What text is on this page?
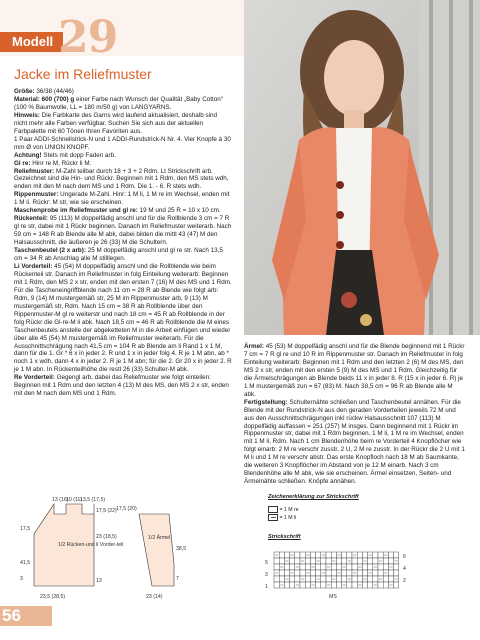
Modell 29
Jacke im Reliefmuster

Größe: 36/38 (44/46)

Material: 600 (700) g einer Farbe nach Wunsch der Qualität „Baby Cotton“ (100 % Baumwolle, LL = 180 m/50 g) von LANGYARNS.

Hinweis: Die Farbkarte des Garns wird laufend aktualisiert, deshalb sind nicht mehr alle Farben verfügbar. Suchen Sie sich aus der aktuellen Farbpalette mit 60 Tönen Ihren Favoriten aus.

1 Paar ADDI-Schnellstrick-N und 1 ADDI-Rundstrick-N Nr. 4. Vier Knopfe à 30 mm Ø von UNION KNOPF.

Achtung! Stets mit dopp Faden arb.

Gl re: Hinr re M, Rückr li M.

Reliefmuster: M-Zahl teilbar durch 18 + 3 + 2 Rdm. Lt Strickschrift arb. Gezeichnet sind die Hin- und Rückr. Beginnen mit 1 Rdm, den MS stets wdh, enden mit den M nach dem MS und 1 Rdm. Die 1. - 6. R stets wdh.

Rippenmuster: Ungerade M-Zahl. Hinr: 1 M li, 1 M re im Wechsel, enden mit 1 M li. Rückr: M str, wie sie erscheinen.

Maschenprobe im Reliefmuster und gl re: 19 M und 25 R = 10 x 10 cm.

Rückenteil: 95 (113) M doppelfädig anschl und für die Rollblende 3 cm = 7 R gl re str, dabei mit 1 Rückr beginnen. Danach im Reliefmuster weiterarb. Nach 59 cm = 148 R ab Blende alle M abk, dabei bilden die mittl 43 (47) M den Halsausschnitt, die äußeren je 26 (33) M die Schultern.

Taschenbeutel (2 x arb): 25 M doppelfädig anschl und gl re str. Nach 13,5 cm = 34 R ab Anschlag alle M stilllegen.

Li Vorderteil: 45 (54) M doppelfädig anschl und die Rollblende wie beim Rückenteil str. Danach im Reliefmuster in folg Einteilung weiterarb: Beginnen mit 1 Rdm, den MS 2 x str, enden mit den ersten 7 (16) M des MS und 1 Rdm. Für die Tascheneingriffblende nach 11 cm = 28 R ab Blende wie folgt arb: Rdm, 9 (14) M mustergemäß str, 25 M im Rippenmuster arb, 9 (13) M mustergemäß str, Rdm. Nach 15 cm = 38 R ab Rollblende über den Rippenmuster-M gl re weiterstr und nach 18 cm = 45 R ab Rollblende in der folg Rückr die Gl-re-M li abk. Nach 18,5 cm = 46 R ab Rollblende die M eines Taschenbeutels anstelle der abgeketteten M in die Arbeit einfügen und wieder über alle 45 (54) M mustergemäß im Reliefmuster weiterarb. Für die Ausschnittschrägung nach 41,5 cm = 104 R ab Blende am li Rand 1 x 1 M, dann für die 1. Gr * 6 x in jeder 2. R und 1 x in jeder folg 4. R je 1 M abn, ab * noch 1 x wdh, dann 4 x in jeder 2. R je 1 M abn; für die 2. Gr 20 x in jeder 2. R je 1 M abn. In Rückenteilhöhe die restl 26 (33) Schulter-M abk.

Re Vorderteil: Gegengl arb, dabei das Reliefmuster wie folgt einteilen: Beginnen mit 1 Rdm und den letzten 4 (13) M des MS, den MS 2 x str, enden mit den M nach dem MS und 1 Rdm.

Ärmel: 45 (53) M doppelfädig anschl und für die Blende beginnend mit 1 Rückr 7 cm = 7 R gl re und 10 R im Rippenmuster str. Danach im Reliefmuster in folg Einteilung weiterarb: Beginnen mit 1 Rdm und den letzten 2 (6) M des MS, den MS 2 x str, enden mit den ersten 5 (9) M des MS und 1 Rdm. Gleichzeitig für die Ärmelschrägungen ab Blende beids 11 x in jeder 8. R (15 x in jeder 6. R) je 1 M mustergemäß zun = 67 (83) M. Nach 38,5 cm = 96 R ab Blende alle M abk.

Fertigstellung: Schulternähte schließen und Taschenbeutel annähen. Für die Blende mit der Rundstrick-N aus den geraden Vorderteilen jeweils 72 M und aus den Ausschnittschrägungen inkl rückw Halsausschnitt 107 (113) M doppelfädig auffassen = 251 (257) M insges. Dann beginnend mit 1 Rückr im Rippenmuster str, dabei mit 1 Rdm beginnen, 1 M li, 1 M re im Wechsel, enden mit 1 M li, Rdm. Nach 1 cm Blendenhöhe beim re Vorderteil 4 Knopflöcher wie folgt einarb: 2 M re verschr zusstr, 2 U, 2 M re zusstr. In der Rückr die 2 U mit 1 M li und 1 M re verschr abstr. Das erste Knopfloch nach 18 M ab Saumkante, die weiteren 3 Knopflöcher im Abstand von je 12 M einarb. Nach 3 cm Blendenhöhe alle M abk, wie sie erscheinen. Ärmel einsetzen, Seiten- und Ärmelnähte schließen. Knöpfe annähen.

13 (16)
10 (11)
13,5 (17,5)
17,5 (22)
23 (18,5)
17,5
41,5
3	13
23,5 (28,5)
1/2 Rücken-und li Vorder-teil
17,5 (20)
1/2 Ärmel
38,5
7
23 (14)
Zeichenerklärung zur Strickschrift
= 1 M re
= 1 M li
Strickschrift
6
5
4
3
2
1
MS
56
